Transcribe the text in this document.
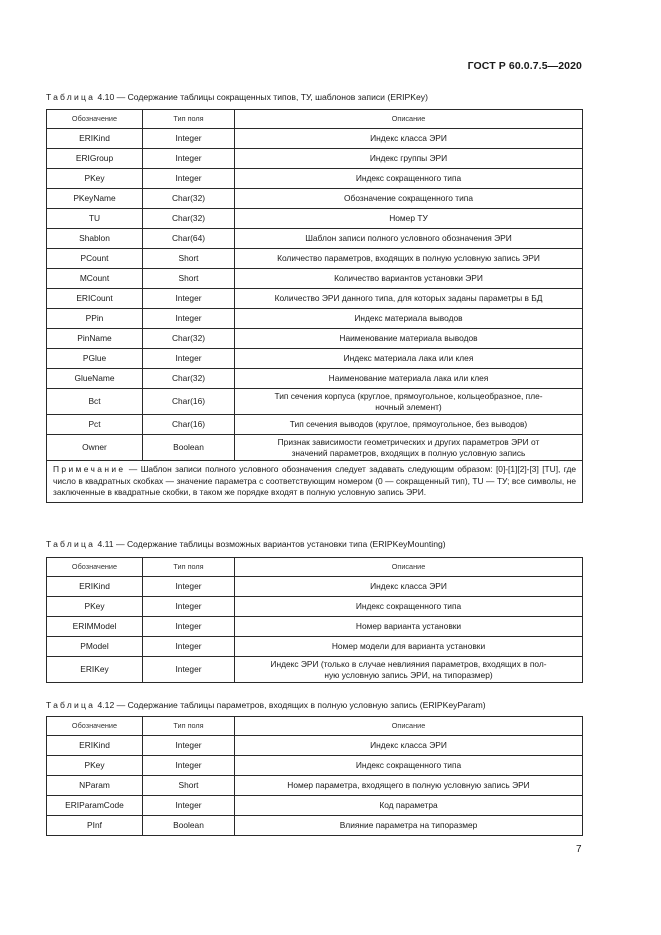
ГОСТ Р 60.0.7.5—2020
Таблица 4.10 — Содержание таблицы сокращенных типов, ТУ, шаблонов записи (ERIPKey)
Обозначение	Тип поля	Описание
ERIKind	Integer	Индекс класса ЭРИ
ERIGroup	Integer	Индекс группы ЭРИ
PKey	Integer	Индекс сокращенного типа
PKeyName	Char(32)	Обозначение сокращенного типа
TU	Char(32)	Номер ТУ
Shablon	Char(64)	Шаблон записи полного условного обозначения ЭРИ
PCount	Short	Количество параметров, входящих в полную условную запись ЭРИ
MCount	Short	Количество вариантов установки ЭРИ
ERICount	Integer	Количество ЭРИ данного типа, для которых заданы параметры в БД
PPin	Integer	Индекс материала выводов
PinName	Char(32)	Наименование материала выводов
PGlue	Integer	Индекс материала лака или клея
GlueName	Char(32)	Наименование материала лака или клея
Bct	Char(16)	Тип сечения корпуса (круглое, прямоугольное, кольцеобразное, пле-
ночный элемент)
Pct	Char(16)	Тип сечения выводов (круглое, прямоугольное, без выводов)
Owner	Boolean	Признак зависимости геометрических и других параметров ЭРИ от
значений параметров, входящих в полную условную запись
Примечание — Шаблон записи полного условного обозначения следует задавать следующим образом: [0]-[1][2]-[3] [TU], где число в квадратных скобках — значение параметра с соответствующим номером (0 — сокращенный тип), TU — ТУ; все символы, не заключенные в квадратные скобки, в таком же порядке входят в полную условную запись ЭРИ.		
Таблица 4.11 — Содержание таблицы возможных вариантов установки типа (ERIPKeyMounting)
Обозначение	Тип поля	Описание
ERIKind	Integer	Индекс класса ЭРИ
PKey	Integer	Индекс сокращенного типа
ERIMModel	Integer	Номер варианта установки
PModel	Integer	Номер модели для варианта установки
ERIKey	Integer	Индекс ЭРИ (только в случае невлияния параметров, входящих в пол-
ную условную запись ЭРИ, на типоразмер)
Таблица 4.12 — Содержание таблицы параметров, входящих в полную условную запись (ERIPKeyParam)
Обозначение	Тип поля	Описание
ERIKind	Integer	Индекс класса ЭРИ
PKey	Integer	Индекс сокращенного типа
NParam	Short	Номер параметра, входящего в полную условную запись ЭРИ
ERIParamCode	Integer	Код параметра
PInf	Boolean	Влияние параметра на типоразмер
7
